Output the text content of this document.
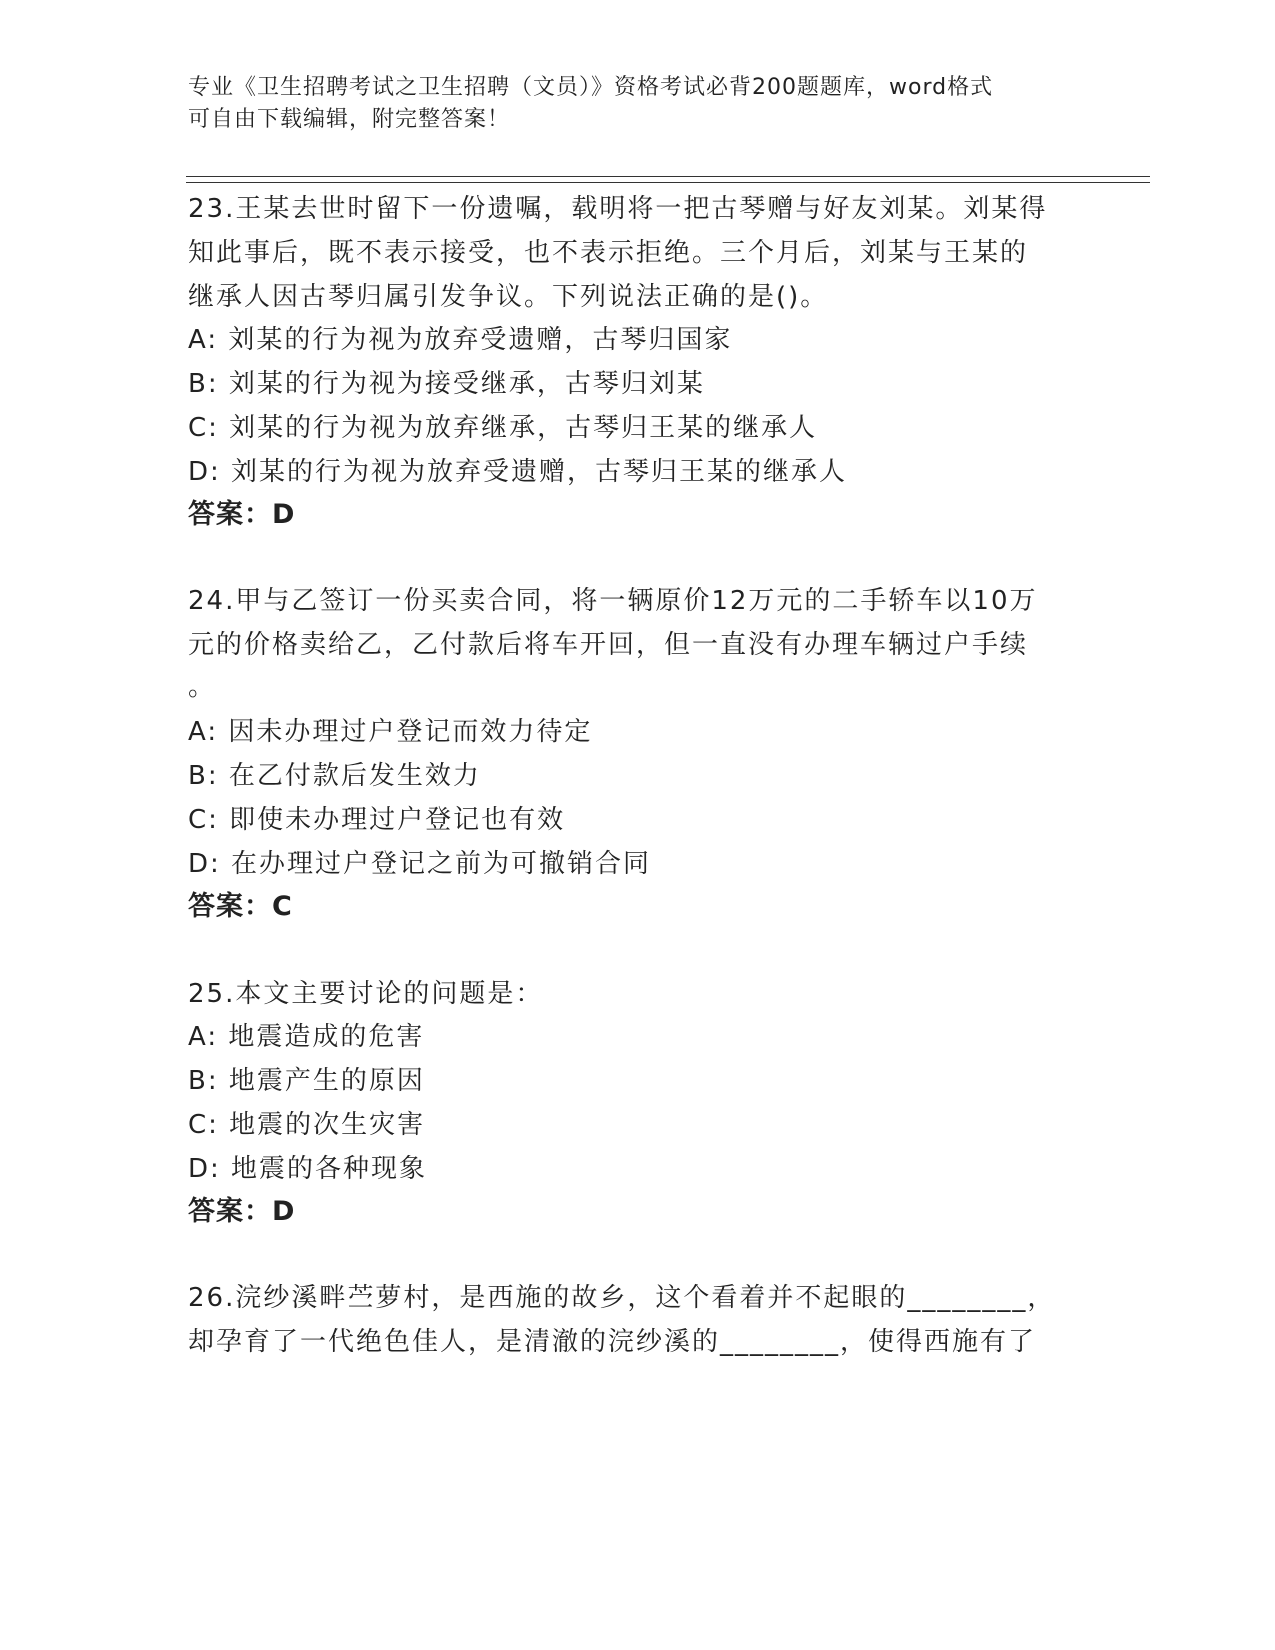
专业《卫生招聘考试之卫生招聘（文员）》资格考试必背200题题库，word格式
可自由下载编辑，附完整答案！
23.王某去世时留下一份遗嘱，载明将一把古琴赠与好友刘某。刘某得
知此事后，既不表示接受，也不表示拒绝。三个月后，刘某与王某的
继承人因古琴归属引发争议。下列说法正确的是()。
A: 刘某的行为视为放弃受遗赠，古琴归国家
B: 刘某的行为视为接受继承，古琴归刘某
C: 刘某的行为视为放弃继承，古琴归王某的继承人
D: 刘某的行为视为放弃受遗赠，古琴归王某的继承人
答案：D
24.甲与乙签订一份买卖合同，将一辆原价12万元的二手轿车以10万
元的价格卖给乙，乙付款后将车开回，但一直没有办理车辆过户手续
。
A: 因未办理过户登记而效力待定
B: 在乙付款后发生效力
C: 即使未办理过户登记也有效
D: 在办理过户登记之前为可撤销合同
答案：C
25.本文主要讨论的问题是：
A: 地震造成的危害
B: 地震产生的原因
C: 地震的次生灾害
D: 地震的各种现象
答案：D
26.浣纱溪畔苎萝村，是西施的故乡，这个看着并不起眼的________，
却孕育了一代绝色佳人，是清澈的浣纱溪的________，使得西施有了
